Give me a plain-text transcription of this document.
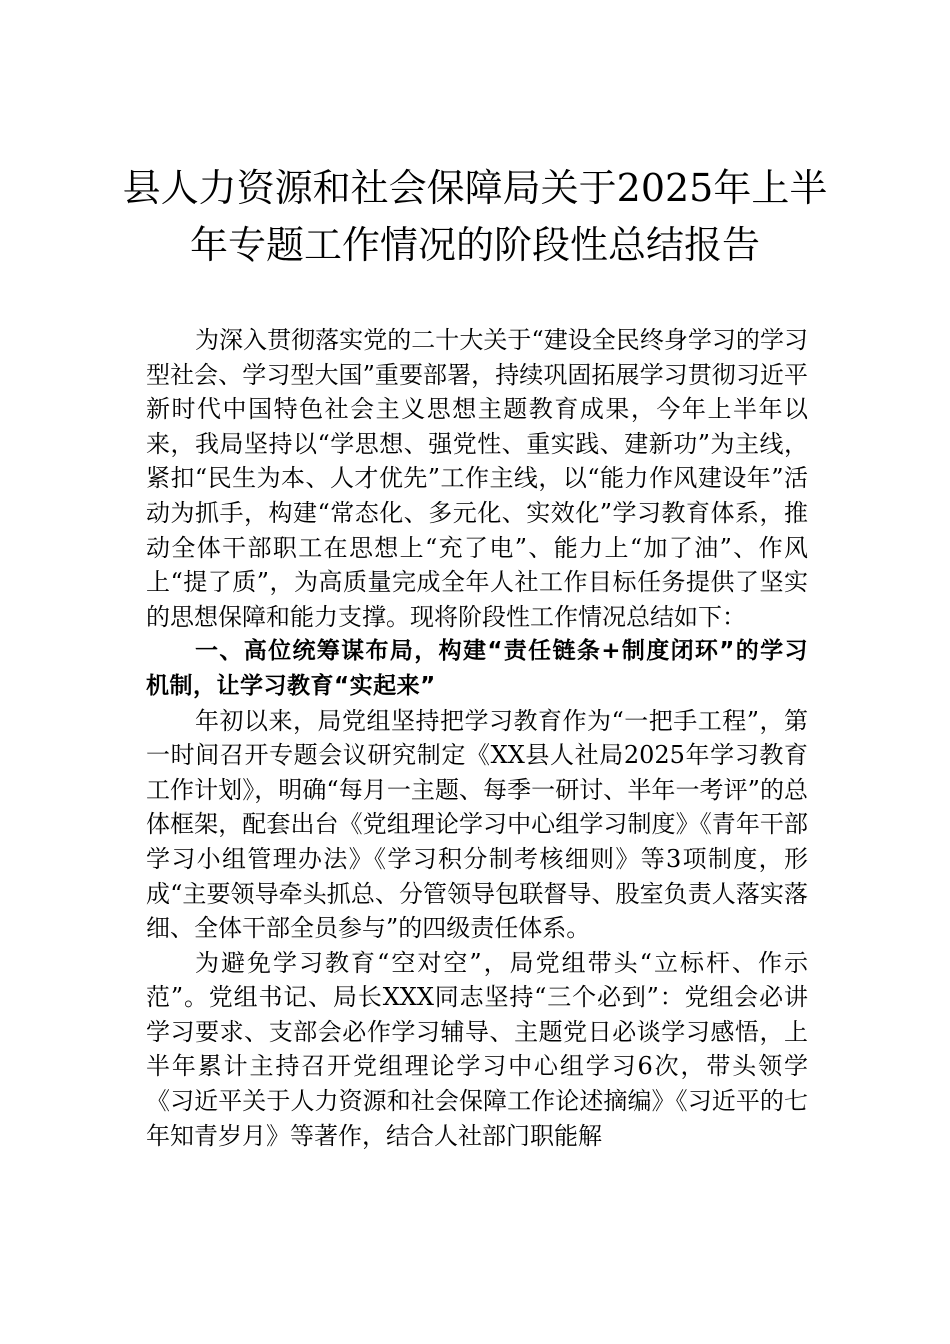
县人力资源和社会保障局关于2025年上半
年专题工作情况的阶段性总结报告

为深入贯彻落实党的二十大关于“建设全民终身学习的学习型社会、学习型大国”重要部署，持续巩固拓展学习贯彻习近平新时代中国特色社会主义思想主题教育成果，今年上半年以来，我局坚持以“学思想、强党性、重实践、建新功”为主线，紧扣“民生为本、人才优先”工作主线，以“能力作风建设年”活动为抓手，构建“常态化、多元化、实效化”学习教育体系，推动全体干部职工在思想上“充了电”、能力上“加了油”、作风上“提了质”，为高质量完成全年人社工作目标任务提供了坚实的思想保障和能力支撑。现将阶段性工作情况总结如下：

一、高位统筹谋布局，构建“责任链条+制度闭环”的学习机制，让学习教育“实起来”

年初以来，局党组坚持把学习教育作为“一把手工程”，第一时间召开专题会议研究制定《XX县人社局2025年学习教育工作计划》，明确“每月一主题、每季一研讨、半年一考评”的总体框架，配套出台《党组理论学习中心组学习制度》《青年干部学习小组管理办法》《学习积分制考核细则》等3项制度，形成“主要领导牵头抓总、分管领导包联督导、股室负责人落实落细、全体干部全员参与”的四级责任体系。

为避免学习教育“空对空”，局党组带头“立标杆、作示范”。党组书记、局长XXX同志坚持“三个必到”：党组会必讲学习要求、支部会必作学习辅导、主题党日必谈学习感悟，上半年累计主持召开党组理论学习中心组学习6次，带头领学《习近平关于人力资源和社会保障工作论述摘编》《习近平的七年知青岁月》等著作，结合人社部门职能解
